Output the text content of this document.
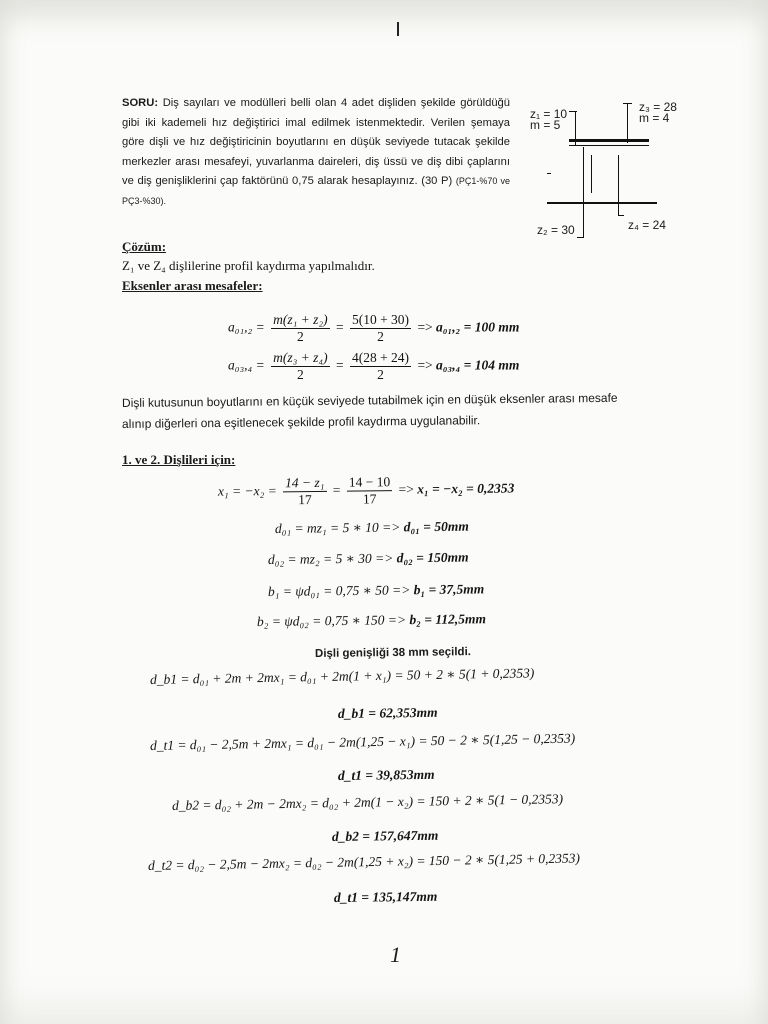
SORU: Diş sayıları ve modülleri belli olan 4 adet dişliden şekilde görüldüğü gibi iki kademeli hız değiştirici imal edilmek istenmektedir. Verilen şemaya göre dişli ve hız değiştiricinin boyutlarını en düşük seviyede tutacak şekilde merkezler arası mesafeyi, yuvarlanma daireleri, diş üssü ve diş dibi çaplarını ve diş genişliklerini çap faktörünü 0,75 alarak hesaplayınız. (30 P) (PÇ1-%70 ve PÇ3-%30).
z₁ = 10
m = 5
z₃ = 28
m = 4
z₂ = 30	z₄ = 24
Çözüm:
Z₁ ve Z₄ dişlilerine profil kaydırma yapılmalıdır.
Eksenler arası mesafeler:
$a_{01},_2 = \frac{\text{m(z₁ + z₂)}}{2} = \frac{5(10 + 30)}{2} => a_{01},_2 = 100$ mm
$a_{03},_4 = \frac{\text{m(z₃ + z₄)}}{2} = \frac{4(28 + 24)}{2} => a_{03},_4 = 104$ mm
Dişli kutusunun boyutlarını en küçük seviyede tutabilmek için en düşük eksenler arası mesafe
alınıp diğerleri ona eşitlenecek şekilde profil kaydırma uygulanabilir.
1. ve 2. Dişlileri için:
$x_1 = -x_2 = \frac{\text{14 − z₁}}{17} = \frac{14 - 10}{17} => x_1 = -x_2 = 0,2353$
d₀₁ = mz₁ = 5 ∗ 10 => d₀₁ = 50mm
d₀₂ = mz₂ = 5 ∗ 30 => d₀₂ = 150mm
b₁ = ψd₀₁ = 0,75 ∗ 50 => b₁ = 37,5mm
b₂ = ψd₀₂ = 0,75 ∗ 150 => b₂ = 112,5mm
Dişli genişliği 38 mm seçildi.
d_b1 = d₀₁ + 2m + 2mx₁ = d₀₁ + 2m(1 + x₁) = 50 + 2 ∗ 5(1 + 0,2353)
d_b1 = 62,353mm
d_t1 = d₀₁ − 2,5m + 2mx₁ = d₀₁ − 2m(1,25 − x₁) = 50 − 2 ∗ 5(1,25 − 0,2353)
d_t1 = 39,853mm
d_b2 = d₀₂ + 2m − 2mx₂ = d₀₂ + 2m(1 − x₂) = 150 + 2 ∗ 5(1 − 0,2353)
d_b2 = 157,647mm
d_t2 = d₀₂ − 2,5m − 2mx₂ = d₀₂ − 2m(1,25 + x₂) = 150 − 2 ∗ 5(1,25 + 0,2353)
d_t1 = 135,147mm
1
